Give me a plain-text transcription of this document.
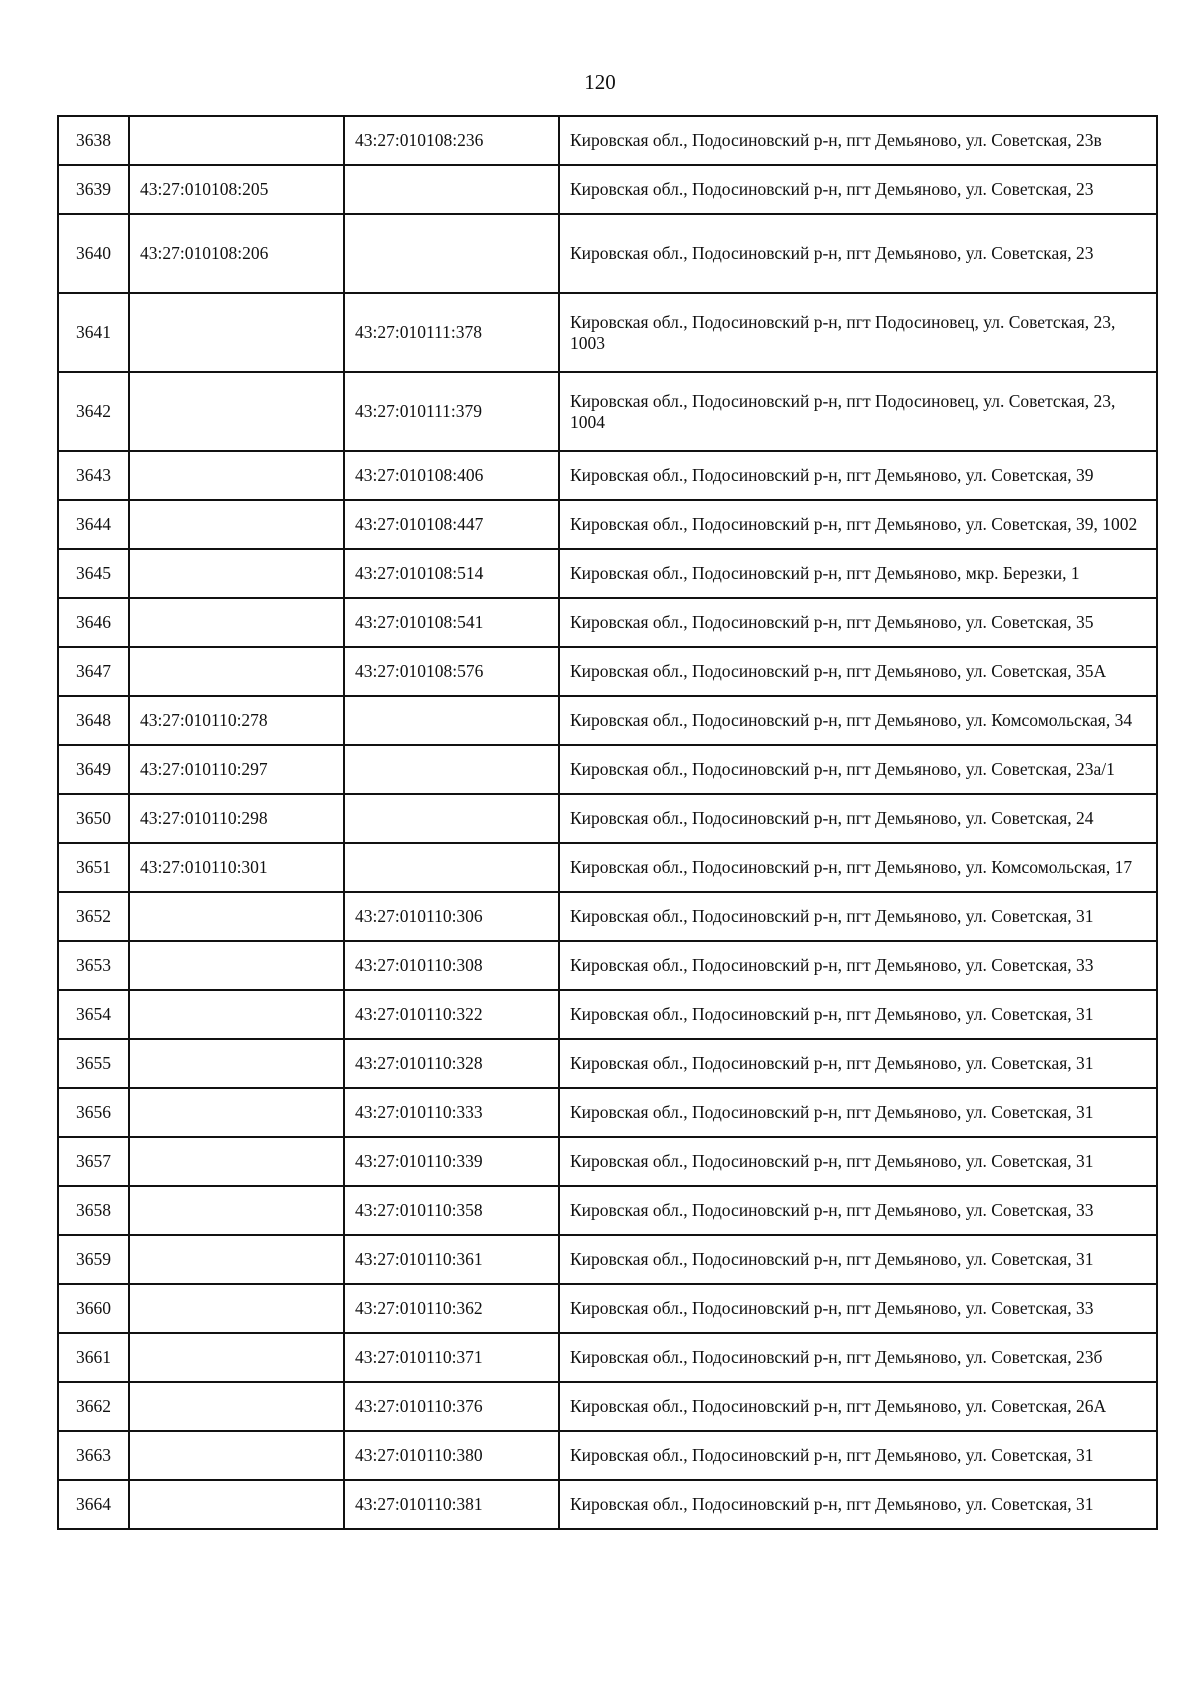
120
3638		43:27:010108:236	Кировская обл., Подосиновский р-н, пгт Демьяново, ул. Советская, 23в
3639	43:27:010108:205		Кировская обл., Подосиновский р-н, пгт Демьяново, ул. Советская, 23
3640	43:27:010108:206		Кировская обл., Подосиновский р-н, пгт Демьяново, ул. Советская, 23
3641		43:27:010111:378	Кировская обл., Подосиновский р-н, пгт Подосиновец, ул. Советская, 23, 1003
3642		43:27:010111:379	Кировская обл., Подосиновский р-н, пгт Подосиновец, ул. Советская, 23, 1004
3643		43:27:010108:406	Кировская обл., Подосиновский р-н, пгт Демьяново, ул. Советская, 39
3644		43:27:010108:447	Кировская обл., Подосиновский р-н, пгт Демьяново, ул. Советская, 39, 1002
3645		43:27:010108:514	Кировская обл., Подосиновский р-н, пгт Демьяново, мкр. Березки, 1
3646		43:27:010108:541	Кировская обл., Подосиновский р-н, пгт Демьяново, ул. Советская, 35
3647		43:27:010108:576	Кировская обл., Подосиновский р-н, пгт Демьяново, ул. Советская, 35А
3648	43:27:010110:278		Кировская обл., Подосиновский р-н, пгт Демьяново, ул. Комсомольская, 34
3649	43:27:010110:297		Кировская обл., Подосиновский р-н, пгт Демьяново, ул. Советская, 23а/1
3650	43:27:010110:298		Кировская обл., Подосиновский р-н, пгт Демьяново, ул. Советская, 24
3651	43:27:010110:301		Кировская обл., Подосиновский р-н, пгт Демьяново, ул. Комсомольская, 17
3652		43:27:010110:306	Кировская обл., Подосиновский р-н, пгт Демьяново, ул. Советская, 31
3653		43:27:010110:308	Кировская обл., Подосиновский р-н, пгт Демьяново, ул. Советская, 33
3654		43:27:010110:322	Кировская обл., Подосиновский р-н, пгт Демьяново, ул. Советская, 31
3655		43:27:010110:328	Кировская обл., Подосиновский р-н, пгт Демьяново, ул. Советская, 31
3656		43:27:010110:333	Кировская обл., Подосиновский р-н, пгт Демьяново, ул. Советская, 31
3657		43:27:010110:339	Кировская обл., Подосиновский р-н, пгт Демьяново, ул. Советская, 31
3658		43:27:010110:358	Кировская обл., Подосиновский р-н, пгт Демьяново, ул. Советская, 33
3659		43:27:010110:361	Кировская обл., Подосиновский р-н, пгт Демьяново, ул. Советская, 31
3660		43:27:010110:362	Кировская обл., Подосиновский р-н, пгт Демьяново, ул. Советская, 33
3661		43:27:010110:371	Кировская обл., Подосиновский р-н, пгт Демьяново, ул. Советская, 23б
3662		43:27:010110:376	Кировская обл., Подосиновский р-н, пгт Демьяново, ул. Советская, 26А
3663		43:27:010110:380	Кировская обл., Подосиновский р-н, пгт Демьяново, ул. Советская, 31
3664		43:27:010110:381	Кировская обл., Подосиновский р-н, пгт Демьяново, ул. Советская, 31
